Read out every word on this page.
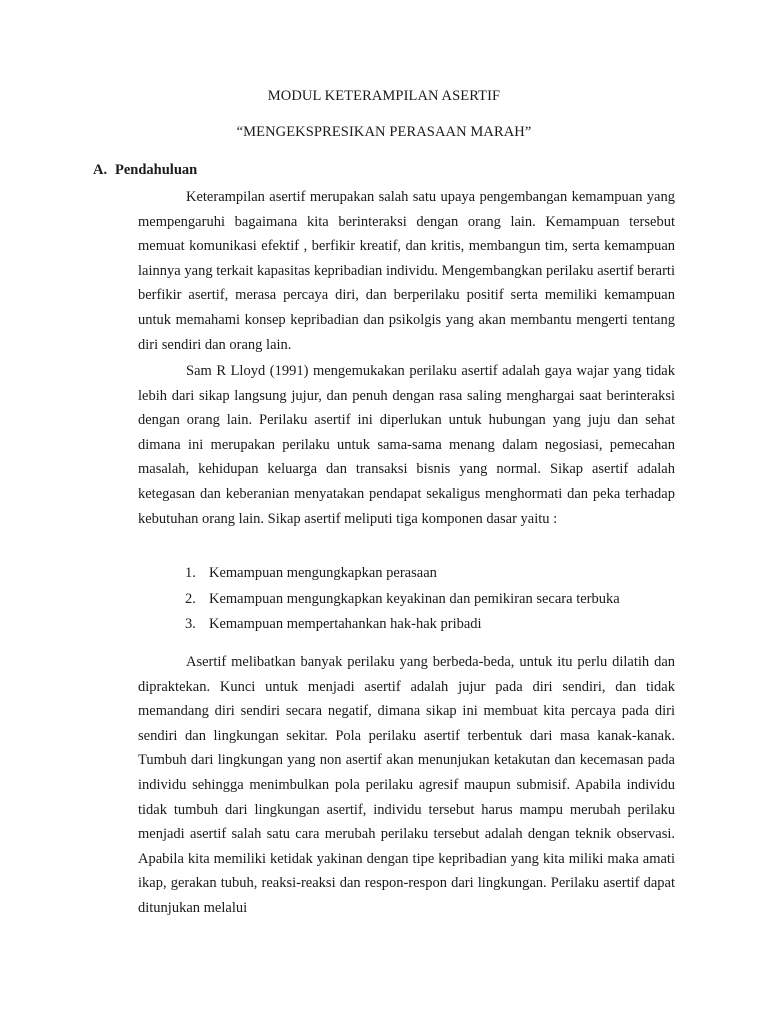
MODUL KETERAMPILAN ASERTIF
“MENGEKSPRESIKAN PERASAAN MARAH”
A. Pendahuluan

Keterampilan asertif merupakan salah satu upaya pengembangan kemampuan yang mempengaruhi bagaimana kita berinteraksi dengan orang lain. Kemampuan tersebut memuat komunikasi efektif , berfikir kreatif, dan kritis, membangun tim, serta kemampuan lainnya yang terkait kapasitas kepribadian individu. Mengembangkan perilaku asertif berarti berfikir asertif, merasa percaya diri, dan berperilaku positif serta memiliki kemampuan untuk memahami konsep kepribadian dan psikolgis yang akan membantu mengerti tentang diri sendiri dan orang lain.

Sam R Lloyd (1991) mengemukakan perilaku asertif adalah gaya wajar yang tidak lebih dari sikap langsung jujur, dan penuh dengan rasa saling menghargai saat berinteraksi dengan orang lain. Perilaku asertif ini diperlukan untuk hubungan yang juju dan sehat dimana ini merupakan perilaku untuk sama-sama menang dalam negosiasi, pemecahan masalah, kehidupan keluarga dan transaksi bisnis yang normal. Sikap asertif adalah ketegasan dan keberanian menyatakan pendapat sekaligus menghormati dan peka terhadap kebutuhan orang lain. Sikap asertif meliputi tiga komponen dasar yaitu :

1. Kemampuan mengungkapkan perasaan
2. Kemampuan mengungkapkan keyakinan dan pemikiran secara terbuka
3. Kemampuan mempertahankan hak-hak pribadi

Asertif melibatkan banyak perilaku yang berbeda-beda, untuk itu perlu dilatih dan dipraktekan. Kunci untuk menjadi asertif adalah jujur pada diri sendiri, dan tidak memandang diri sendiri secara negatif, dimana sikap ini membuat kita percaya pada diri sendiri dan lingkungan sekitar. Pola perilaku asertif terbentuk dari masa kanak-kanak. Tumbuh dari lingkungan yang non asertif akan menunjukan ketakutan dan kecemasan pada individu sehingga menimbulkan pola perilaku agresif maupun submisif. Apabila individu tidak tumbuh dari lingkungan asertif, individu tersebut harus mampu merubah perilaku menjadi asertif salah satu cara merubah perilaku tersebut adalah dengan teknik observasi. Apabila kita memiliki ketidak yakinan dengan tipe kepribadian yang kita miliki maka amati ikap, gerakan tubuh, reaksi-reaksi dan respon-respon dari lingkungan. Perilaku asertif dapat ditunjukan melalui
